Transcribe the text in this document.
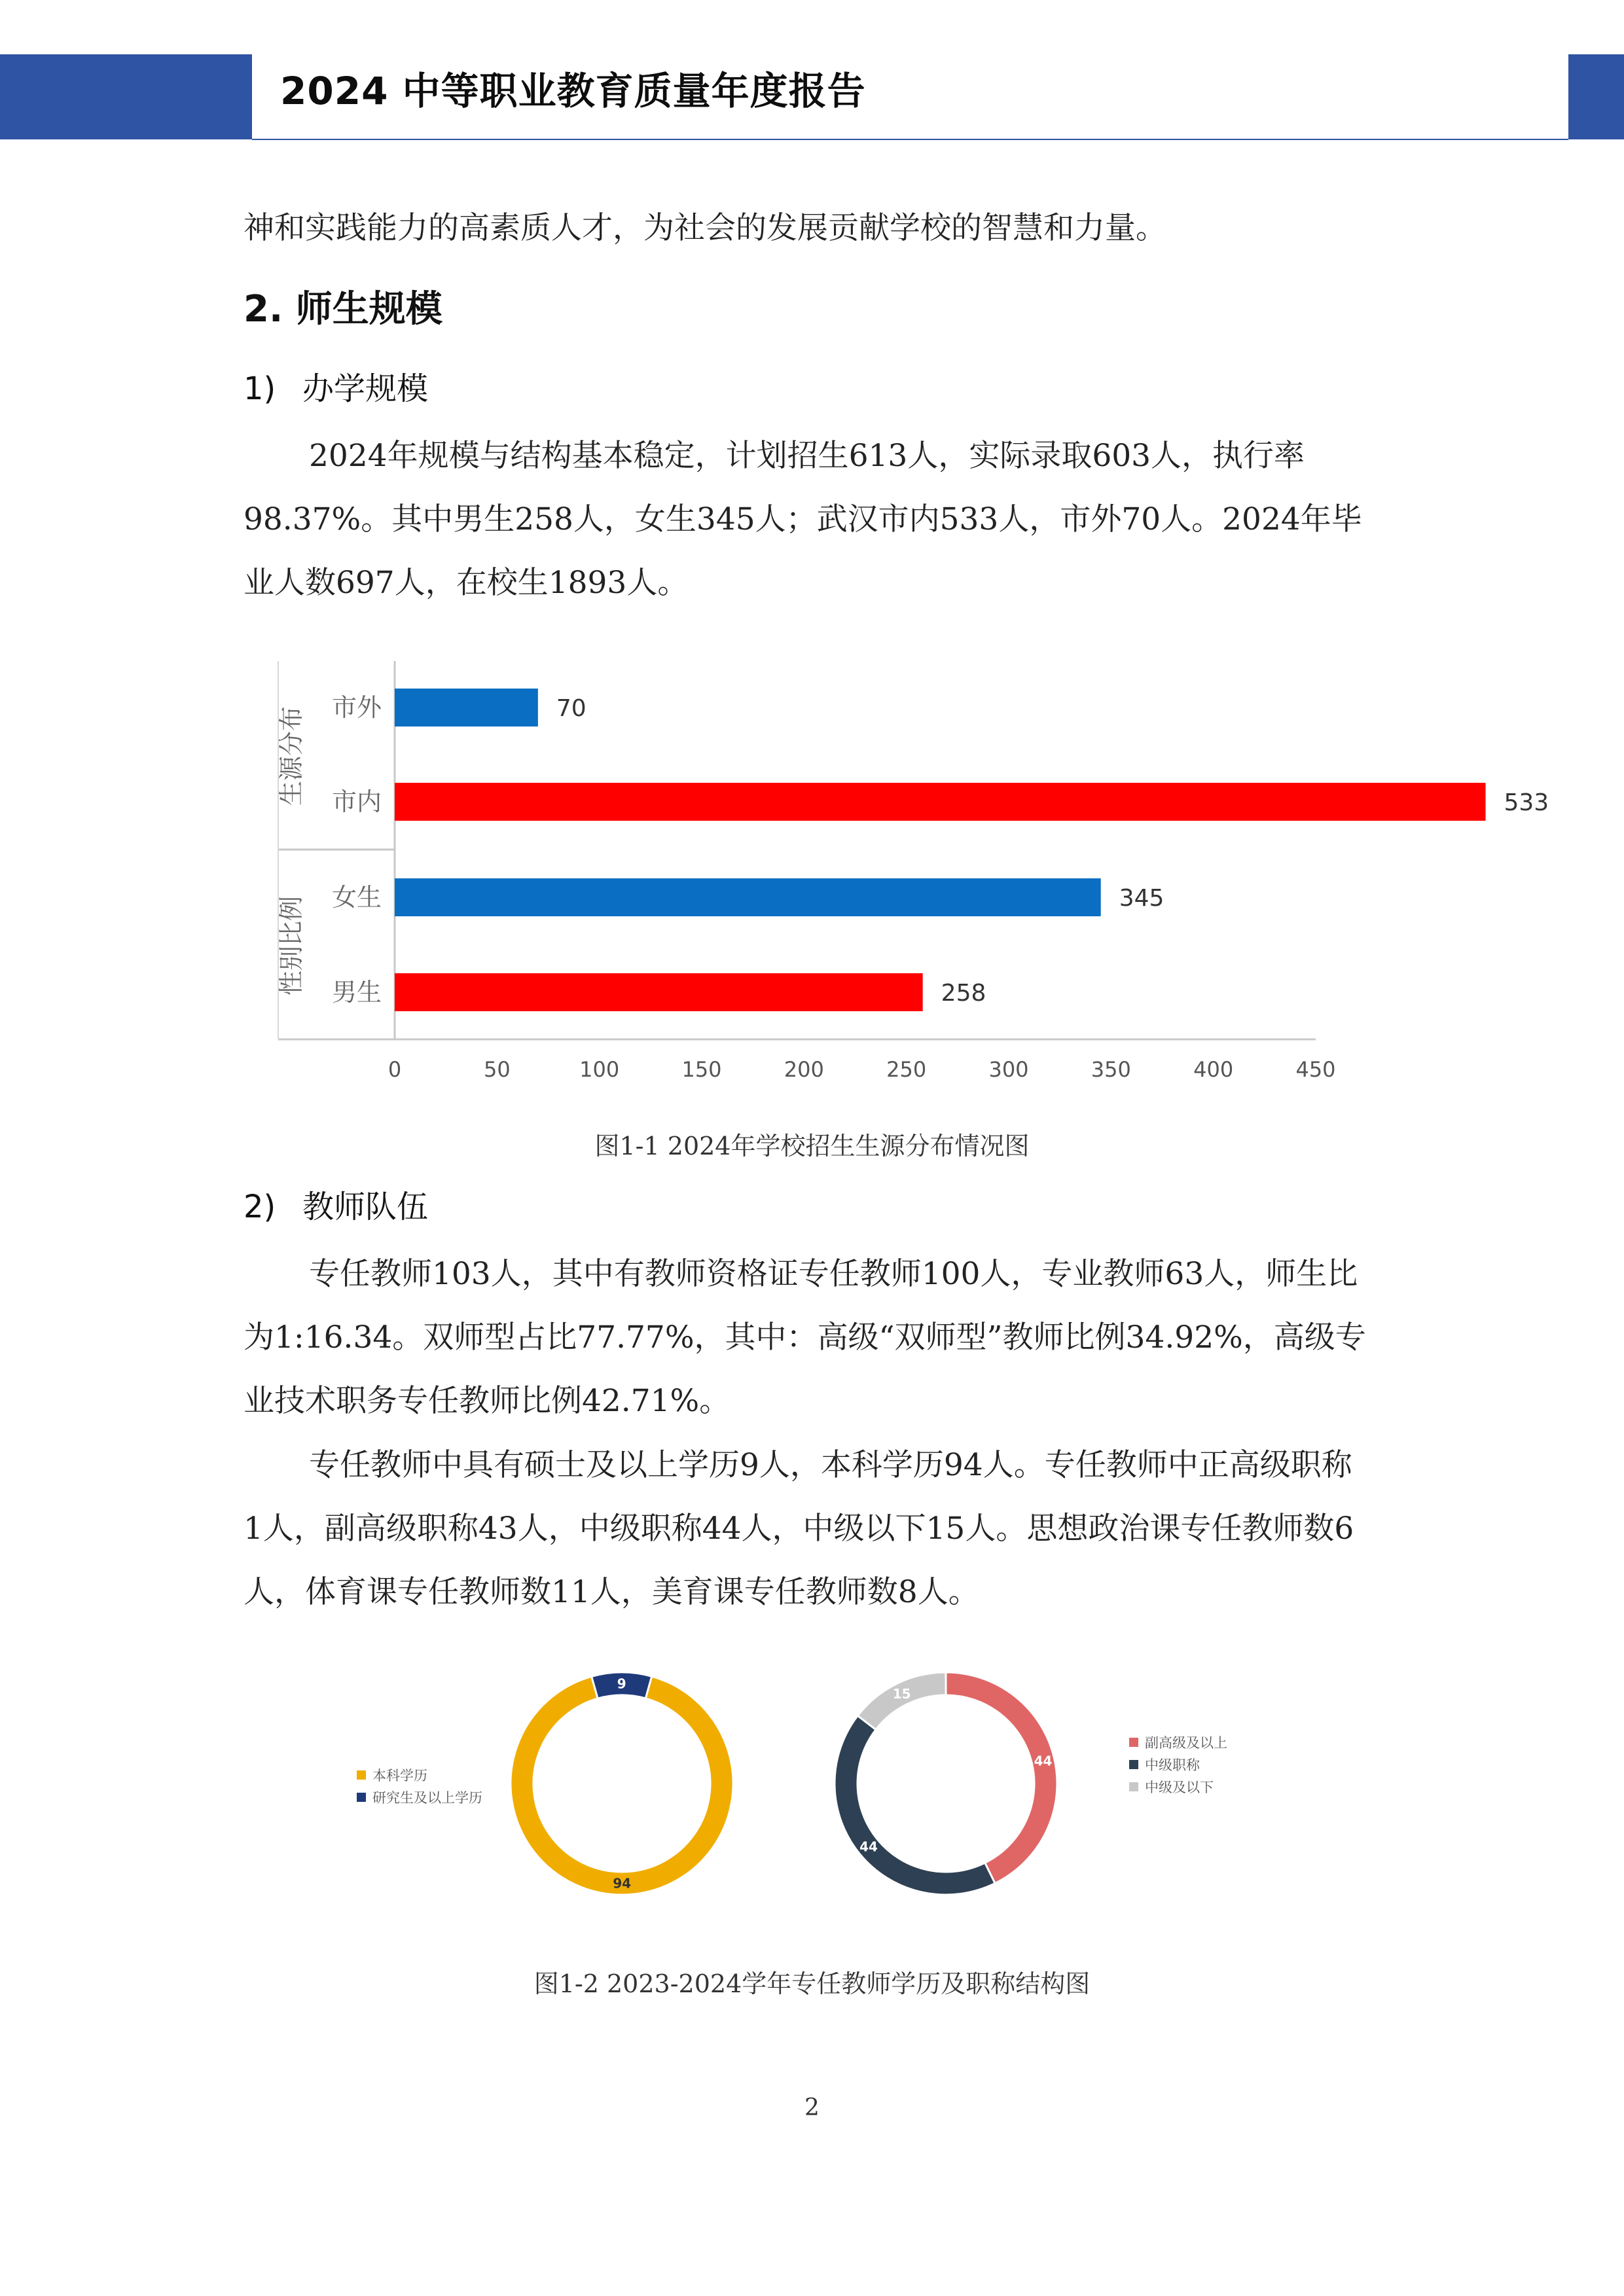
2024 中等职业教育质量年度报告
神和实践能力的高素质人才，为社会的发展贡献学校的智慧和力量。
2. 师生规模
1) 办学规模
2024年规模与结构基本稳定，计划招生613人，实际录取603人，执行率98.37%。其中男生258人，女生345人；武汉市内533人，市外70人。2024年毕业人数697人，在校生1893人。
生源分布
性别比例
70
市外
533
市内
345
女生
258
男生
0	50	100	150	200	250	300	350	400	450
图1-1 2024年学校招生生源分布情况图
2) 教师队伍
专任教师103人，其中有教师资格证专任教师100人，专业教师63人，师生比为1:16.34。双师型占比77.77%，其中：高级“双师型”教师比例34.92%，高级专业技术职务专任教师比例42.71%。
专任教师中具有硕士及以上学历9人，本科学历94人。专任教师中正高级职称1人，副高级职称43人，中级职称44人，中级以下15人。思想政治课专任教师数6人，体育课专任教师数11人，美育课专任教师数8人。
9
94
本科学历
研究生及以上学历
44
44
15
副高级及以上
中级职称
中级及以下
图1-2 2023-2024学年专任教师学历及职称结构图
2
